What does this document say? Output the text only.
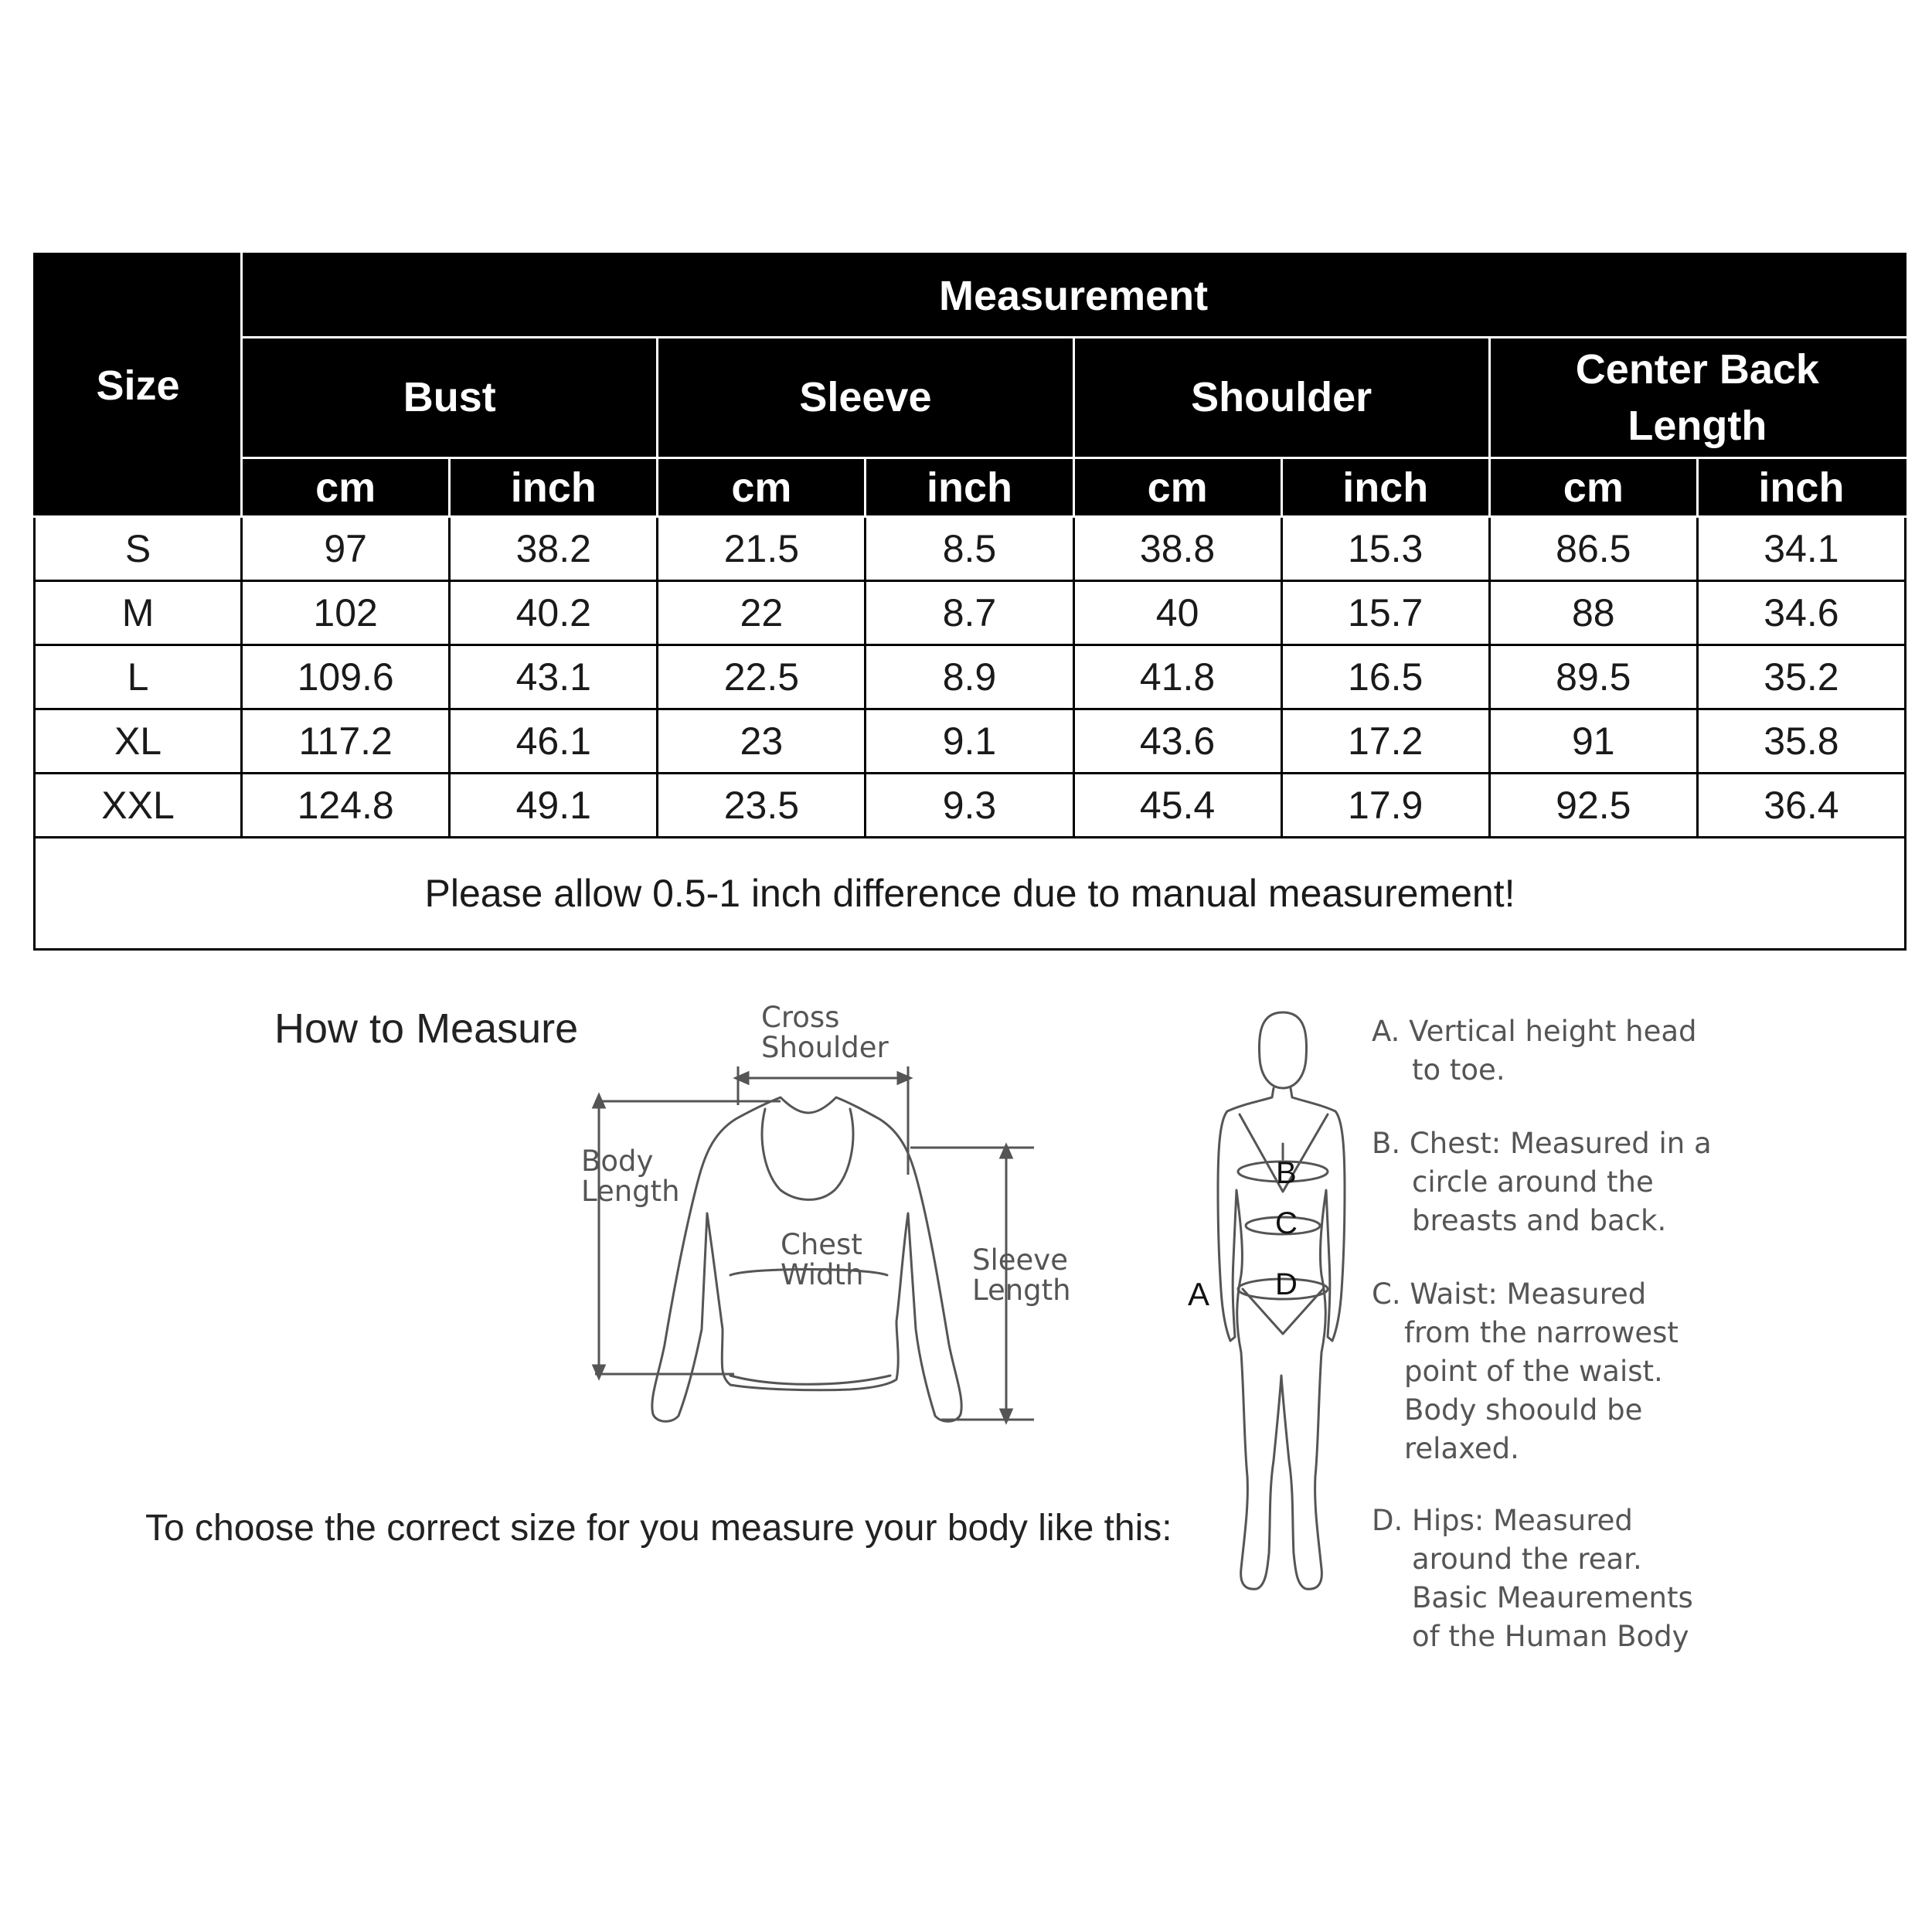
Size	Measurement							
	Bust		Sleeve		Shoulder		Center Back Length	
	cm	inch	cm	inch	cm	inch	cm	inch
S	97	38.2	21.5	8.5	38.8	15.3	86.5	34.1
M	102	40.2	22	8.7	40	15.7	88	34.6
L	109.6	43.1	22.5	8.9	41.8	16.5	89.5	35.2
XL	117.2	46.1	23	9.1	43.6	17.2	91	35.8
XXL	124.8	49.1	23.5	9.3	45.4	17.9	92.5	36.4
Please allow 0.5-1 inch difference due to manual measurement!								
How to Measure	Cross
Shoulder
Body
Length
Chest
Width	Sleeve
Length
To choose the correct size for you measure your body like this:
A
B
C
D
A. Vertical height head
to toe.
B. Chest: Measured in a
circle around the
breasts and back.
C. Waist: Measured
from the narrowest
point of the waist.
Body shoould be
relaxed.
D. Hips: Measured
around the rear.
Basic Meaurements
of the Human Body
